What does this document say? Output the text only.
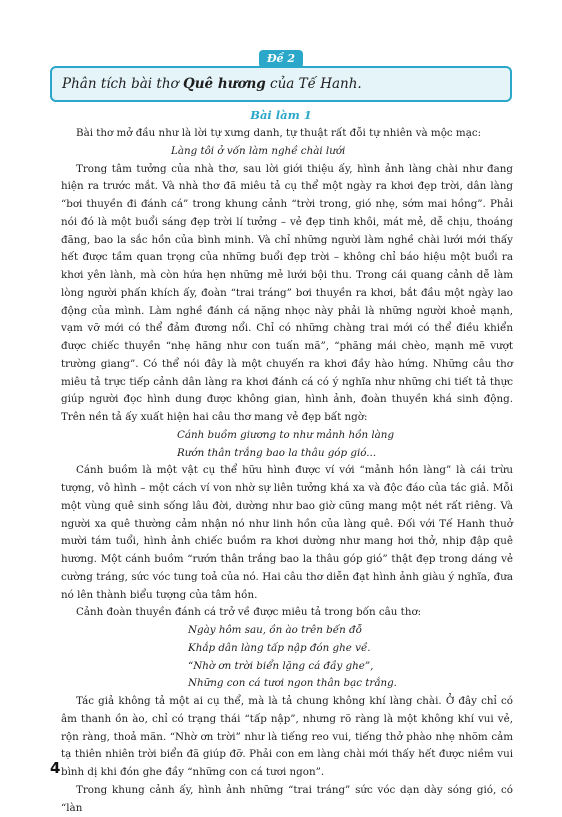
Đề 2
Phân tích bài thơ Quê hương của Tế Hanh.
Bài làm 1

Bài thơ mở đầu như là lời tự xưng danh, tự thuật rất đỗi tự nhiên và mộc mạc:

Làng tôi ở vốn làm nghề chài lưới

Trong tâm tưởng của nhà thơ, sau lời giới thiệu ấy, hình ảnh làng chài như đang hiện ra trước mắt. Và nhà thơ đã miêu tả cụ thể một ngày ra khơi đẹp trời, dân làng “bơi thuyền đi đánh cá” trong khung cảnh “trời trong, gió nhẹ, sớm mai hồng”. Phải nói đó là một buổi sáng đẹp trời lí tưởng – vẻ đẹp tinh khôi, mát mẻ, dễ chịu, thoáng đãng, bao la sắc hồn của bình minh. Và chỉ những người làm nghề chài lưới mới thấy hết được tầm quan trọng của những buổi đẹp trời – không chỉ báo hiệu một buổi ra khơi yên lành, mà còn hứa hẹn những mẻ lưới bội thu. Trong cái quang cảnh dễ làm lòng người phấn khích ấy, đoàn “trai tráng” bơi thuyền ra khơi, bắt đầu một ngày lao động của mình. Làm nghề đánh cá nặng nhọc này phải là những người khoẻ mạnh, vạm vỡ mới có thể đảm đương nổi. Chỉ có những chàng trai mới có thể điều khiển được chiếc thuyền “nhẹ hăng như con tuấn mã”, “phăng mái chèo, mạnh mẽ vượt trường giang”. Có thể nói đây là một chuyến ra khơi đầy hào hứng. Những câu thơ miêu tả trực tiếp cảnh dân làng ra khơi đánh cá có ý nghĩa như những chi tiết tả thực giúp người đọc hình dung được không gian, hình ảnh, đoàn thuyền khá sinh động. Trên nền tả ấy xuất hiện hai câu thơ mang vẻ đẹp bất ngờ:

Cánh buồm giương to như mảnh hồn làng

Rướn thân trắng bao la thâu góp gió...

Cánh buồm là một vật cụ thể hữu hình được ví với “mảnh hồn làng” là cái trừu tượng, vô hình – một cách ví von nhờ sự liên tưởng khá xa và độc đáo của tác giả. Mỗi một vùng quê sinh sống lâu đời, dường như bao giờ cũng mang một nét rất riêng. Và người xa quê thường cảm nhận nó như linh hồn của làng quê. Đối với Tế Hanh thuở mười tám tuổi, hình ảnh chiếc buồm ra khơi dường như mang hơi thở, nhịp đập quê hương. Một cánh buồm “rướn thân trắng bao la thâu góp gió” thật đẹp trong dáng vẻ cường tráng, sức vóc tung toả của nó. Hai câu thơ diễn đạt hình ảnh giàu ý nghĩa, đưa nó lên thành biểu tượng của tâm hồn.

Cảnh đoàn thuyền đánh cá trở về được miêu tả trong bốn câu thơ:

Ngày hôm sau, ồn ào trên bến đỗ

Khắp dân làng tấp nập đón ghe về.

“Nhờ ơn trời biển lặng cá đầy ghe”,

Những con cá tươi ngon thân bạc trắng.

Tác giả không tả một ai cụ thể, mà là tả chung không khí làng chài. Ở đây chỉ có âm thanh ồn ào, chỉ có trạng thái “tấp nập”, nhưng rõ ràng là một không khí vui vẻ, rộn ràng, thoả mãn. “Nhờ ơn trời” như là tiếng reo vui, tiếng thở phào nhẹ nhõm cảm tạ thiên nhiên trời biển đã giúp đỡ. Phải con em làng chài mới thấy hết được niềm vui bình dị khi đón ghe đầy “những con cá tươi ngon”.

Trong khung cảnh ấy, hình ảnh những “trai tráng” sức vóc dạn dày sóng gió, có “làn

4
